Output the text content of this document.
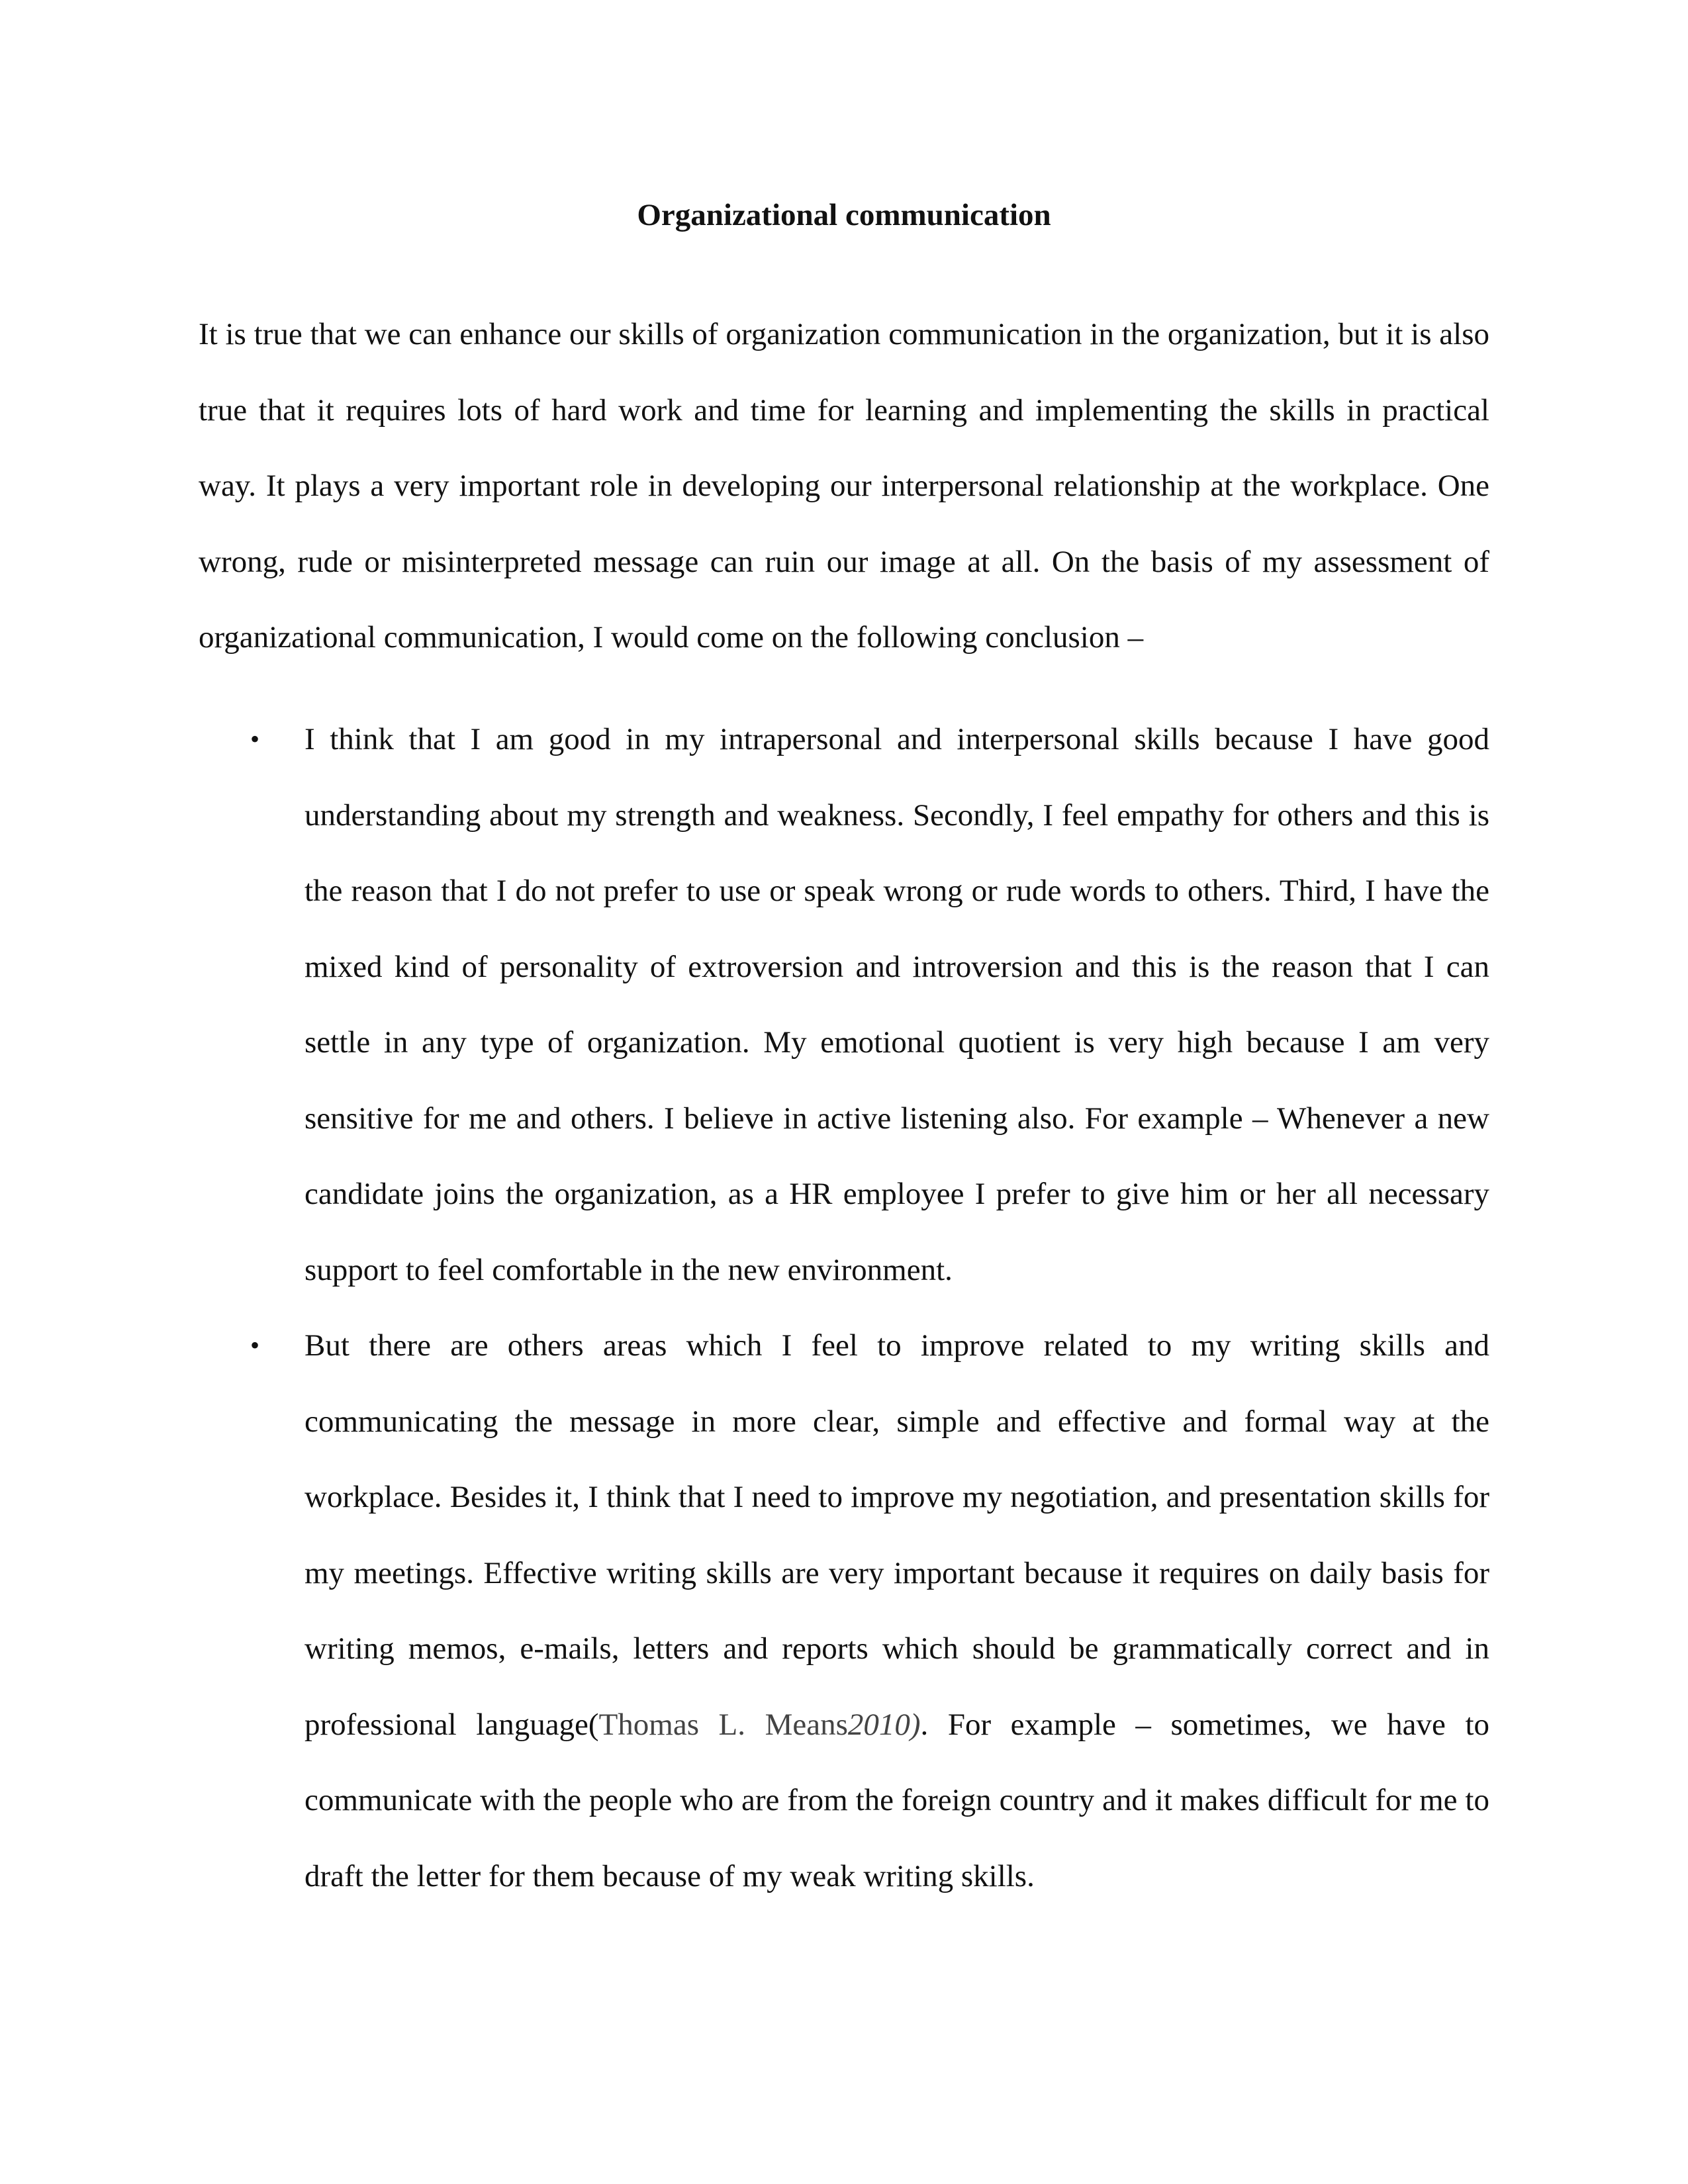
Organizational communication

It is true that we can enhance our skills of organization communication in the organization, but it is also true that it requires lots of hard work and time for learning and implementing the skills in practical way. It plays a very important role in developing our interpersonal relationship at the workplace. One wrong, rude or misinterpreted message can ruin our image at all. On the basis of my assessment of organizational communication, I would come on the following conclusion –

• I think that I am good in my intrapersonal and interpersonal skills because I have good understanding about my strength and weakness. Secondly, I feel empathy for others and this is the reason that I do not prefer to use or speak wrong or rude words to others. Third, I have the mixed kind of personality of extroversion and introversion and this is the reason that I can settle in any type of organization. My emotional quotient is very high because I am very sensitive for me and others. I believe in active listening also. For example – Whenever a new candidate joins the organization, as a HR employee I prefer to give him or her all necessary support to feel comfortable in the new environment.
• But there are others areas which I feel to improve related to my writing skills and communicating the message in more clear, simple and effective and formal way at the workplace. Besides it, I think that I need to improve my negotiation, and presentation skills for my meetings. Effective writing skills are very important because it requires on daily basis for writing memos, e-mails, letters and reports which should be grammatically correct and in professional language(Thomas L. Means2010). For example – sometimes, we have to communicate with the people who are from the foreign country and it makes difficult for me to draft the letter for them because of my weak writing skills.
